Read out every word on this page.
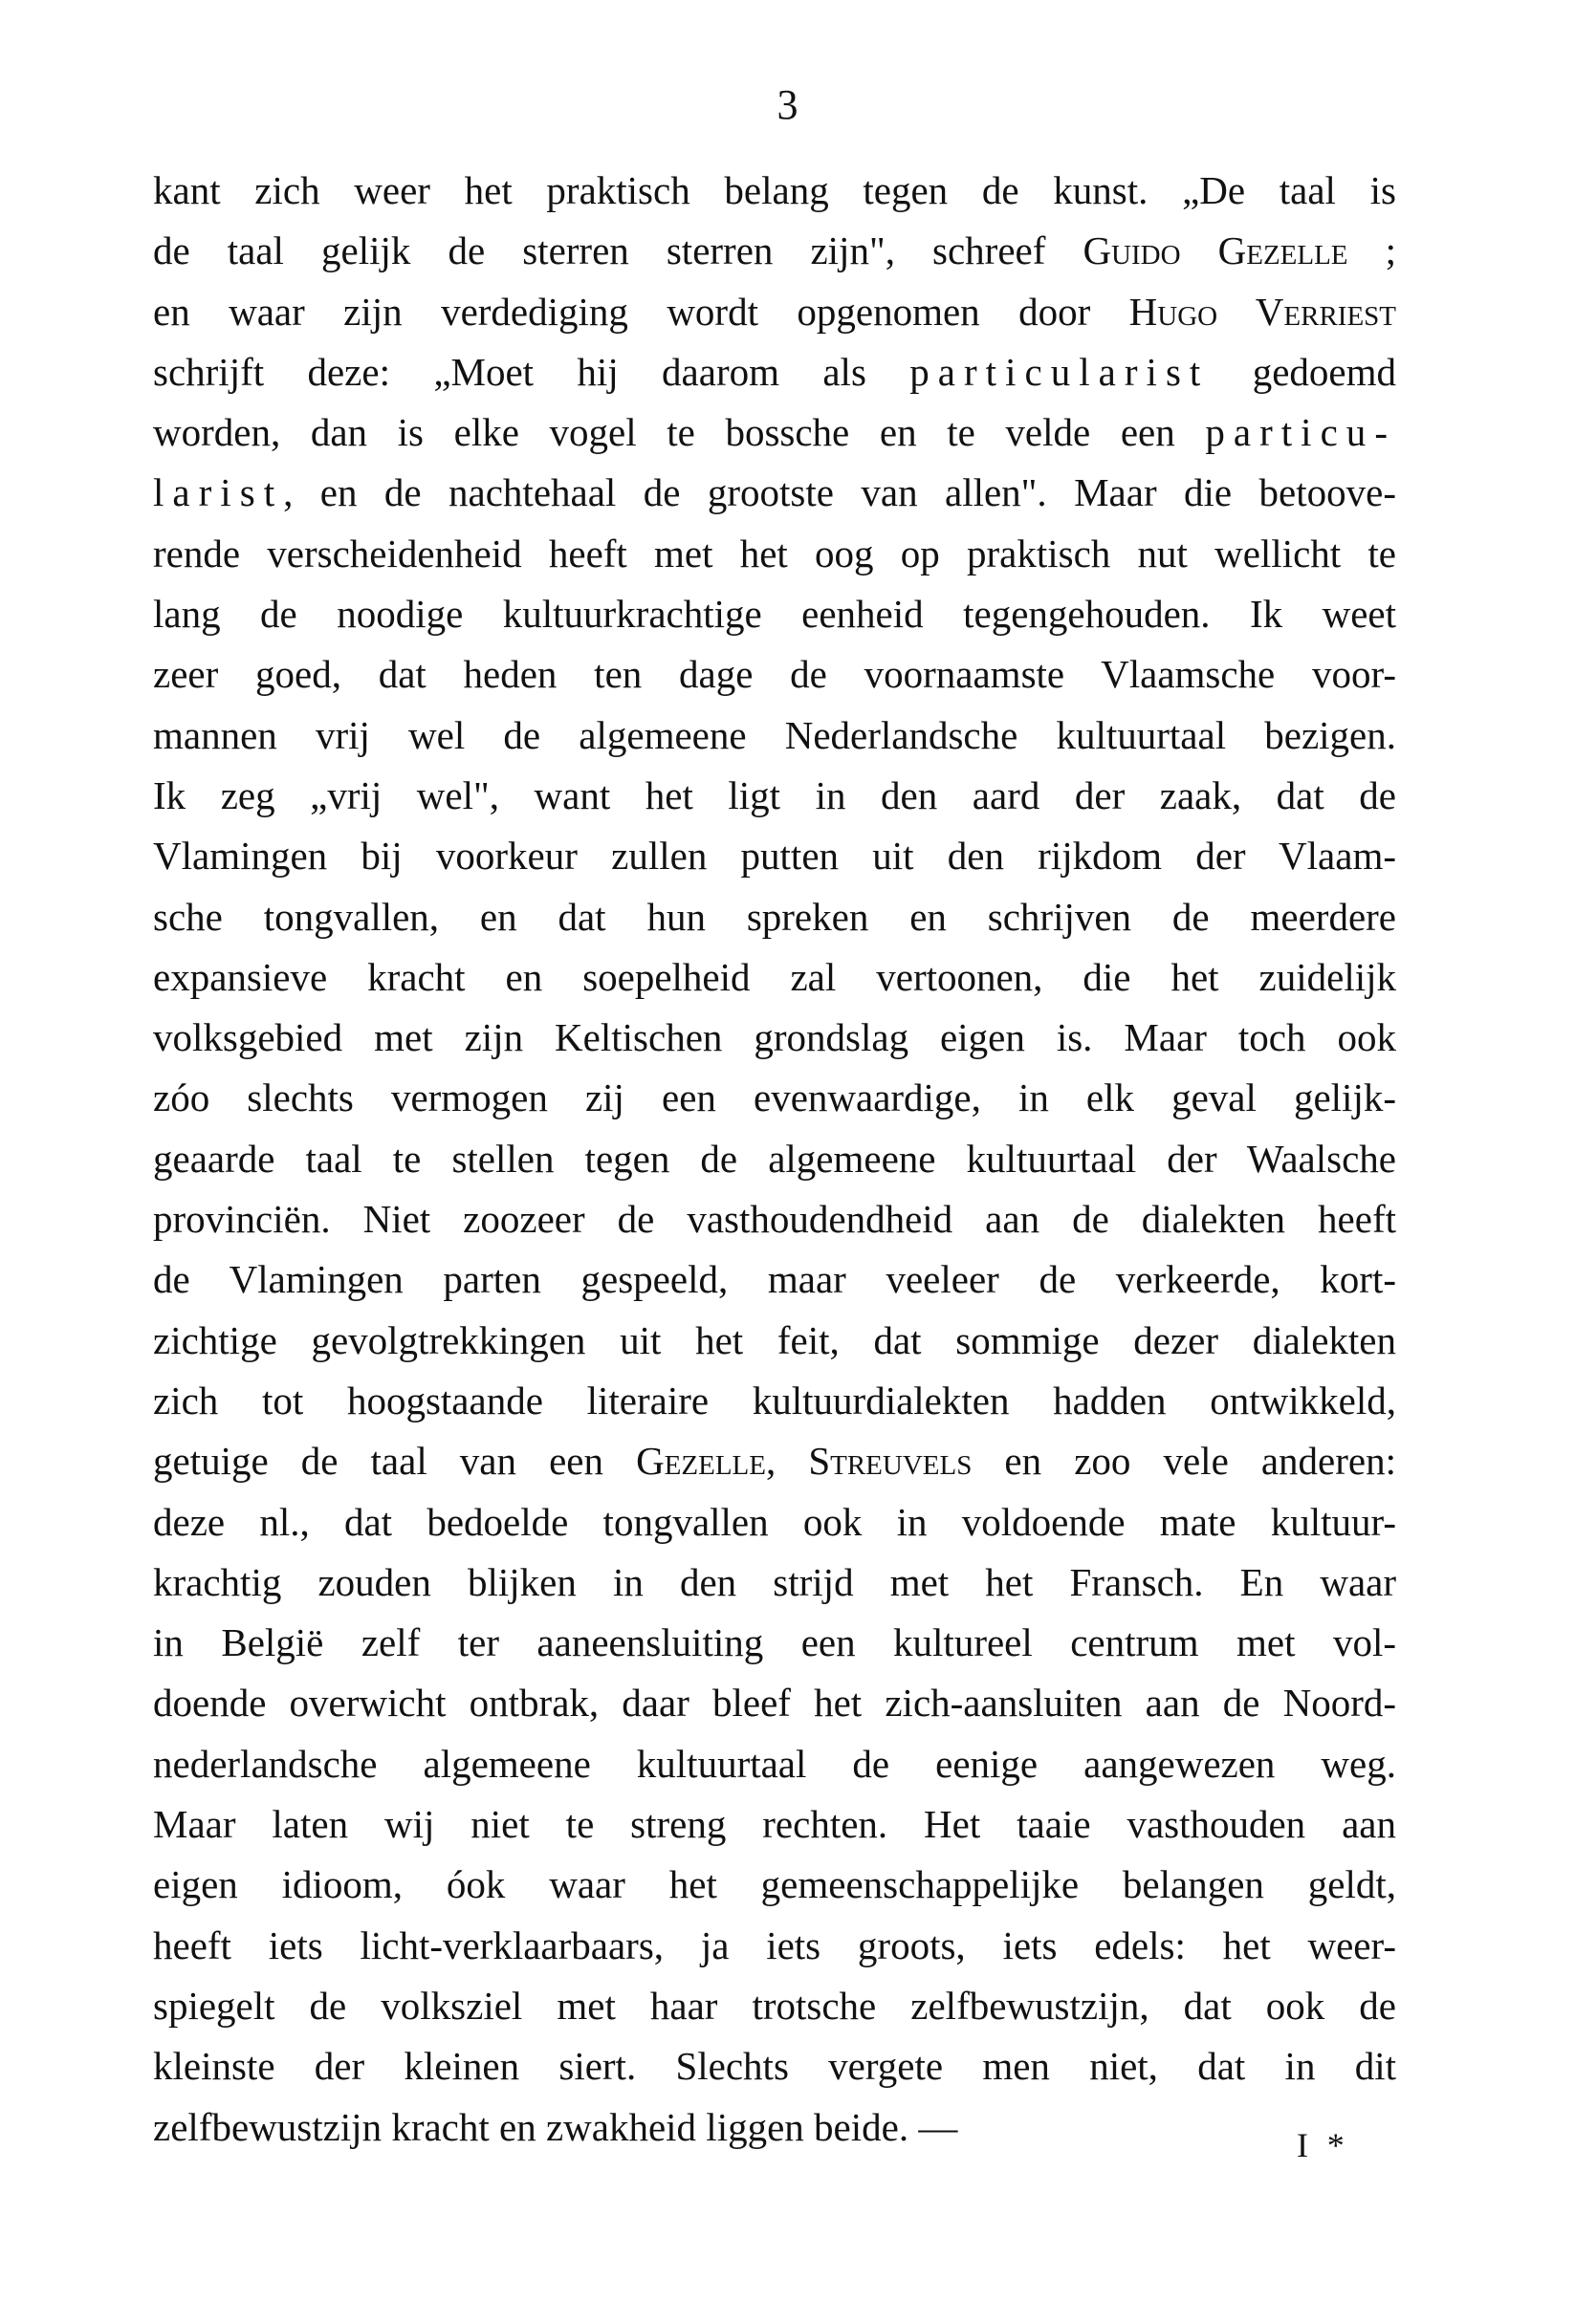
3
kant zich weer het praktisch belang tegen de kunst. „De taal is
de taal gelijk de sterren sterren zijn", schreef Guido Gezelle ;
en waar zijn verdediging wordt opgenomen door Hugo Verriest
schrijft deze: „Moet hij daarom als particularist gedoemd
worden, dan is elke vogel te bossche en te velde een particu-
larist, en de nachtehaal de grootste van allen". Maar die betoove-
rende verscheidenheid heeft met het oog op praktisch nut wellicht te
lang de noodige kultuurkrachtige eenheid tegengehouden. Ik weet
zeer goed, dat heden ten dage de voornaamste Vlaamsche voor-
mannen vrij wel de algemeene Nederlandsche kultuurtaal bezigen.
Ik zeg „vrij wel", want het ligt in den aard der zaak, dat de
Vlamingen bij voorkeur zullen putten uit den rijkdom der Vlaam-
sche tongvallen, en dat hun spreken en schrijven de meerdere
expansieve kracht en soepelheid zal vertoonen, die het zuidelijk
volksgebied met zijn Keltischen grondslag eigen is. Maar toch ook
zóo slechts vermogen zij een evenwaardige, in elk geval gelijk-
geaarde taal te stellen tegen de algemeene kultuurtaal der Waalsche
provinciën. Niet zoozeer de vasthoudendheid aan de dialekten heeft
de Vlamingen parten gespeeld, maar veeleer de verkeerde, kort-
zichtige gevolgtrekkingen uit het feit, dat sommige dezer dialekten
zich tot hoogstaande literaire kultuurdialekten hadden ontwikkeld,
getuige de taal van een Gezelle, Streuvels en zoo vele anderen:
deze nl., dat bedoelde tongvallen ook in voldoende mate kultuur-
krachtig zouden blijken in den strijd met het Fransch. En waar
in België zelf ter aaneensluiting een kultureel centrum met vol-
doende overwicht ontbrak, daar bleef het zich-aansluiten aan de Noord-
nederlandsche algemeene kultuurtaal de eenige aangewezen weg.
Maar laten wij niet te streng rechten. Het taaie vasthouden aan
eigen idioom, óok waar het gemeenschappelijke belangen geldt,
heeft iets licht-verklaarbaars, ja iets groots, iets edels: het weer-
spiegelt de volksziel met haar trotsche zelfbewustzijn, dat ook de
kleinste der kleinen siert. Slechts vergete men niet, dat in dit
zelfbewustzijn kracht en zwakheid liggen beide. —	I *
